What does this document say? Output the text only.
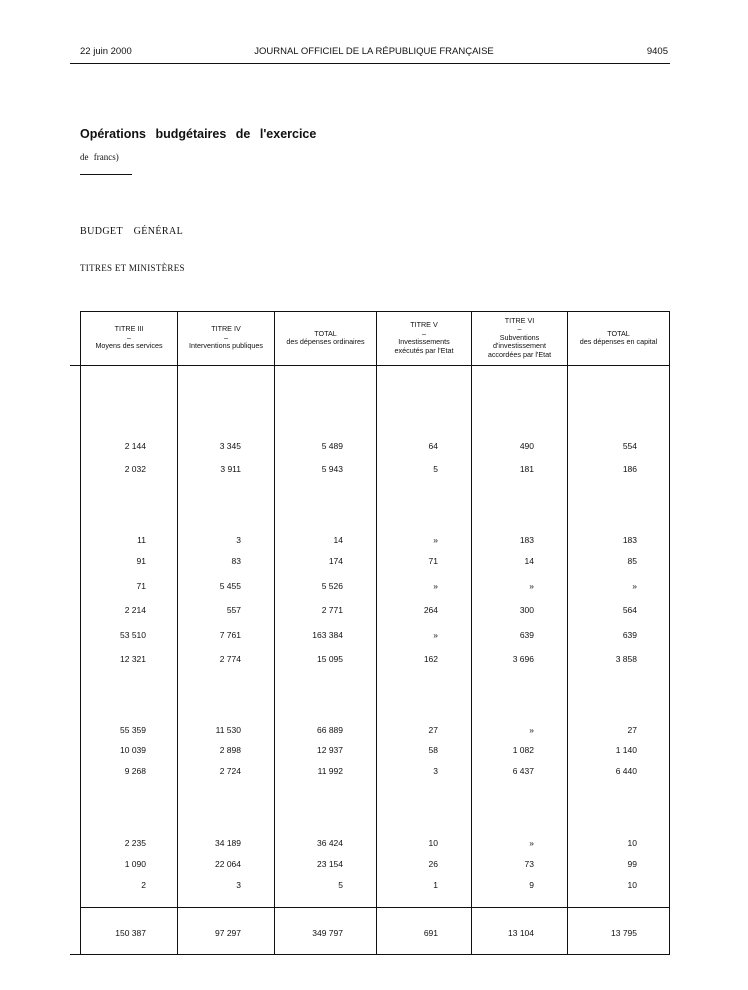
22 juin 2000	JOURNAL OFFICIEL DE LA RÉPUBLIQUE FRANÇAISE	9405
Opérations budgétaires de l'exercice
de francs)
BUDGET GÉNÉRAL
TITRES ET MINISTÈRES
TITRE III
–
Moyens des services
TITRE IV
–
Interventions publiques
TOTAL
des dépenses ordinaires
TITRE V
–
Investissements
exécutés par l'Etat
TITRE VI
–
Subventions d'investissement
accordées par l'Etat
TOTAL
des dépenses en capital
2 144	3 345	5 489	64	490	554
2 032	3 911	5 943	5	181	186
11	3	14	»	183	183
91	83	174	71	14	85
71	5 455	5 526	»	»	»
2 214	557	2 771	264	300	564
53 510	7 761	163 384	»	639	639
12 321	2 774	15 095	162	3 696	3 858
55 359	11 530	66 889	27	»	27
10 039	2 898	12 937	58	1 082	1 140
9 268	2 724	11 992	3	6 437	6 440
2 235	34 189	36 424	10	»	10
1 090	22 064	23 154	26	73	99
2	3	5	1	9	10
150 387	97 297	349 797	691	13 104	13 795
